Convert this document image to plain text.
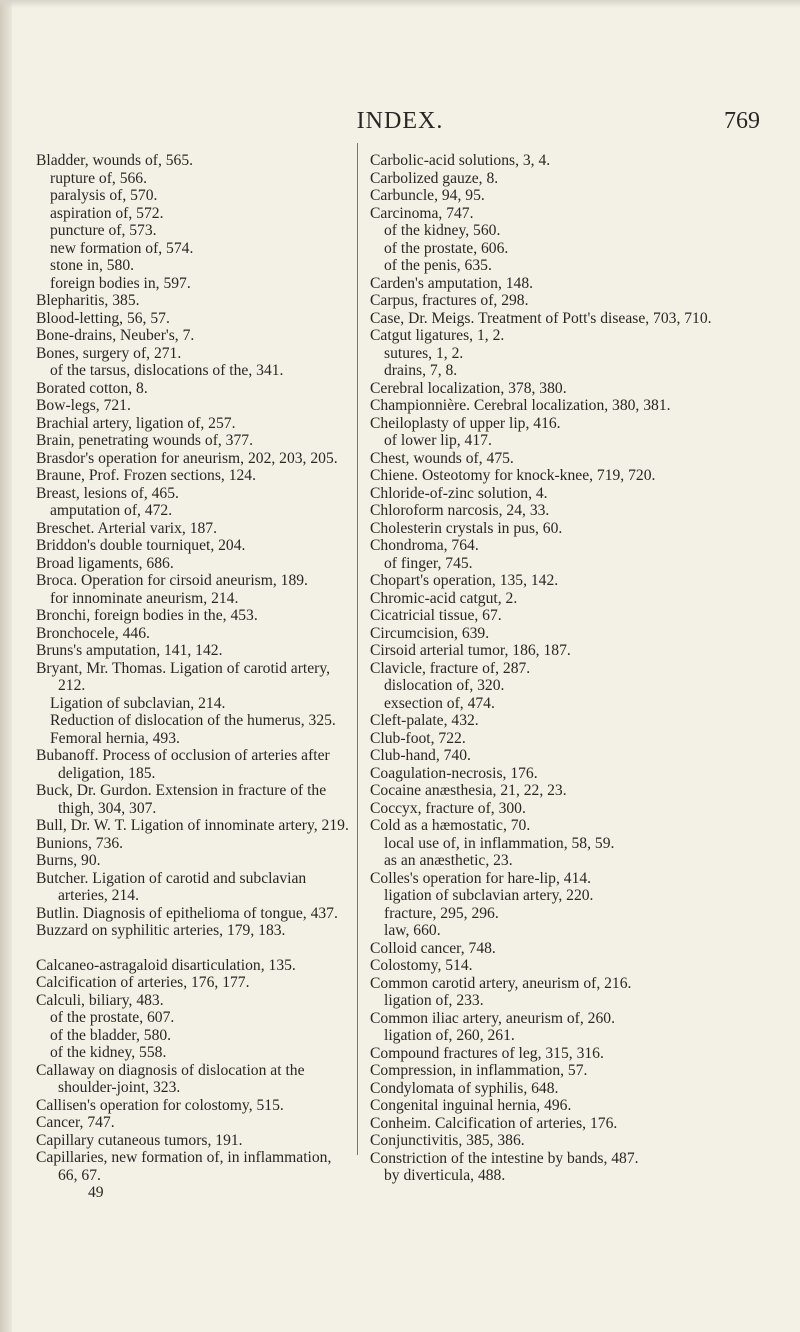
INDEX.	769
Bladder, wounds of, 565.
rupture of, 566.
paralysis of, 570.
aspiration of, 572.
puncture of, 573.
new formation of, 574.
stone in, 580.
foreign bodies in, 597.
Blepharitis, 385.
Blood-letting, 56, 57.
Bone-drains, Neuber's, 7.
Bones, surgery of, 271.
of the tarsus, dislocations of the, 341.
Borated cotton, 8.
Bow-legs, 721.
Brachial artery, ligation of, 257.
Brain, penetrating wounds of, 377.
Brasdor's operation for aneurism, 202, 203, 205.
Braune, Prof. Frozen sections, 124.
Breast, lesions of, 465.
amputation of, 472.
Breschet. Arterial varix, 187.
Briddon's double tourniquet, 204.
Broad ligaments, 686.
Broca. Operation for cirsoid aneurism, 189.
for innominate aneurism, 214.
Bronchi, foreign bodies in the, 453.
Bronchocele, 446.
Bruns's amputation, 141, 142.
Bryant, Mr. Thomas. Ligation of carotid artery, 212.
Ligation of subclavian, 214.
Reduction of dislocation of the humerus, 325.
Femoral hernia, 493.
Bubanoff. Process of occlusion of arteries after deligation, 185.
Buck, Dr. Gurdon. Extension in fracture of the thigh, 304, 307.
Bull, Dr. W. T. Ligation of innominate artery, 219.
Bunions, 736.
Burns, 90.
Butcher. Ligation of carotid and subclavian arteries, 214.
Butlin. Diagnosis of epithelioma of tongue, 437.
Buzzard on syphilitic arteries, 179, 183.
Calcaneo-astragaloid disarticulation, 135.
Calcification of arteries, 176, 177.
Calculi, biliary, 483.
of the prostate, 607.
of the bladder, 580.
of the kidney, 558.
Callaway on diagnosis of dislocation at the shoulder-joint, 323.
Callisen's operation for colostomy, 515.
Cancer, 747.
Capillary cutaneous tumors, 191.
Capillaries, new formation of, in inflammation, 66, 67.
49
Carbolic-acid solutions, 3, 4.
Carbolized gauze, 8.
Carbuncle, 94, 95.
Carcinoma, 747.
of the kidney, 560.
of the prostate, 606.
of the penis, 635.
Carden's amputation, 148.
Carpus, fractures of, 298.
Case, Dr. Meigs. Treatment of Pott's disease, 703, 710.
Catgut ligatures, 1, 2.
sutures, 1, 2.
drains, 7, 8.
Cerebral localization, 378, 380.
Championnière. Cerebral localization, 380, 381.
Cheiloplasty of upper lip, 416.
of lower lip, 417.
Chest, wounds of, 475.
Chiene. Osteotomy for knock-knee, 719, 720.
Chloride-of-zinc solution, 4.
Chloroform narcosis, 24, 33.
Cholesterin crystals in pus, 60.
Chondroma, 764.
of finger, 745.
Chopart's operation, 135, 142.
Chromic-acid catgut, 2.
Cicatricial tissue, 67.
Circumcision, 639.
Cirsoid arterial tumor, 186, 187.
Clavicle, fracture of, 287.
dislocation of, 320.
exsection of, 474.
Cleft-palate, 432.
Club-foot, 722.
Club-hand, 740.
Coagulation-necrosis, 176.
Cocaine anæsthesia, 21, 22, 23.
Coccyx, fracture of, 300.
Cold as a hæmostatic, 70.
local use of, in inflammation, 58, 59.
as an anæsthetic, 23.
Colles's operation for hare-lip, 414.
ligation of subclavian artery, 220.
fracture, 295, 296.
law, 660.
Colloid cancer, 748.
Colostomy, 514.
Common carotid artery, aneurism of, 216.
ligation of, 233.
Common iliac artery, aneurism of, 260.
ligation of, 260, 261.
Compound fractures of leg, 315, 316.
Compression, in inflammation, 57.
Condylomata of syphilis, 648.
Congenital inguinal hernia, 496.
Conheim. Calcification of arteries, 176.
Conjunctivitis, 385, 386.
Constriction of the intestine by bands, 487.
by diverticula, 488.
